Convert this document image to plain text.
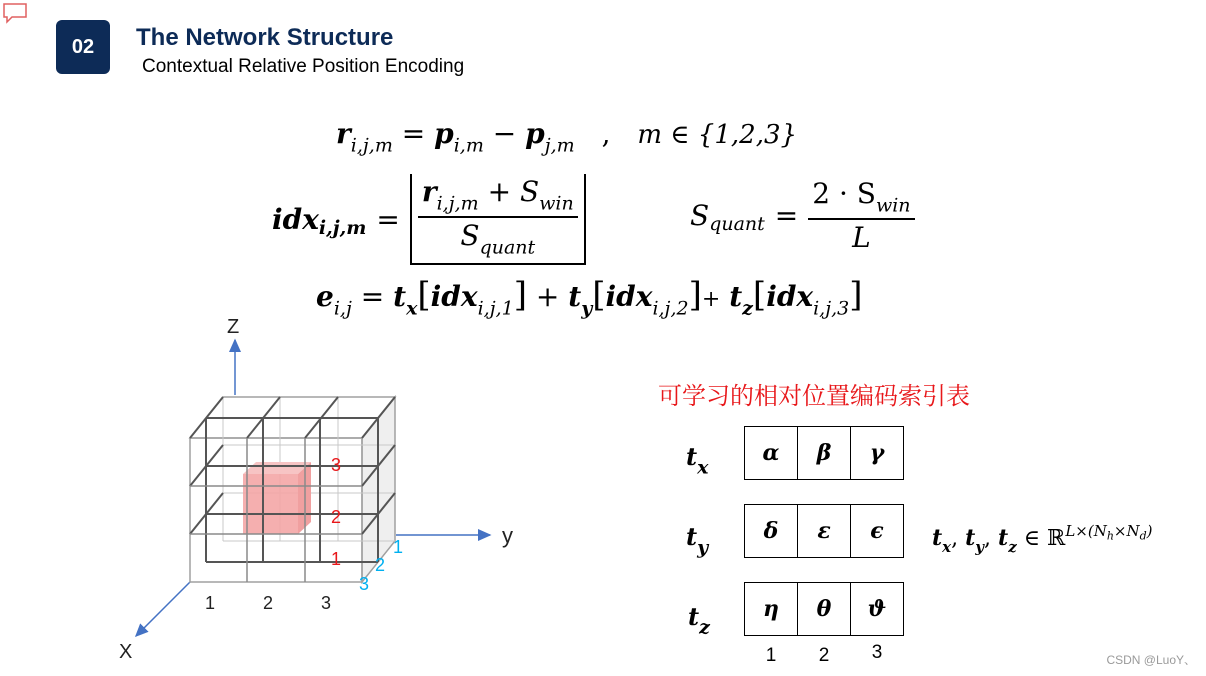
02	The Network Structure
Contextual Relative Position Encoding
$r_{i,j,m} = p_{i,m} - p_{j,m}$ , m ∈ {1,2,3}
idx $i,j,m = \frac{r_{i,j,m} + S_{win}}{S_{quant}}$	S quant = $\frac{2 \cdot S_{win}}{L}$
$e_{i,j} = t_x[idx_{i,j,1}] + t_y[idx_{i,j,2}]+ t_z[idx_{i,j,3}]$
Z
y
X
3
2
1
1
2
3
1	2	3
可学习的相对位置编码索引表
$t_x$
α	β	γ
$t_y$
δ	ε	ϵ
$t_z$
η	θ	ϑ
1	2	3
$t_x$, $t_y$, $t_z$ ∈ ℝ$^{L\times(N_h\times N_d)}$
CSDN @LuoY、
